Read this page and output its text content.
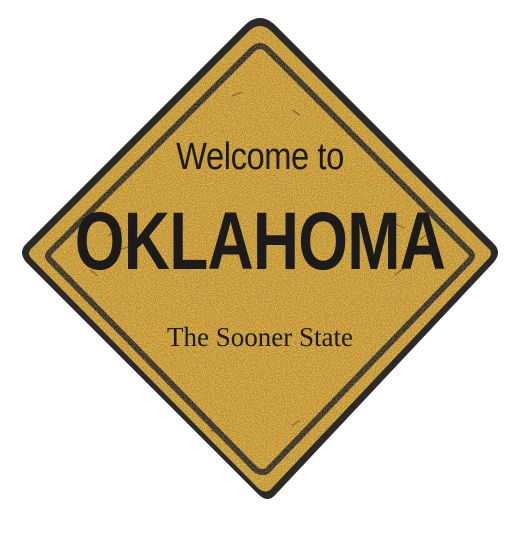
Welcome to
OKLAHOMA
The Sooner State
